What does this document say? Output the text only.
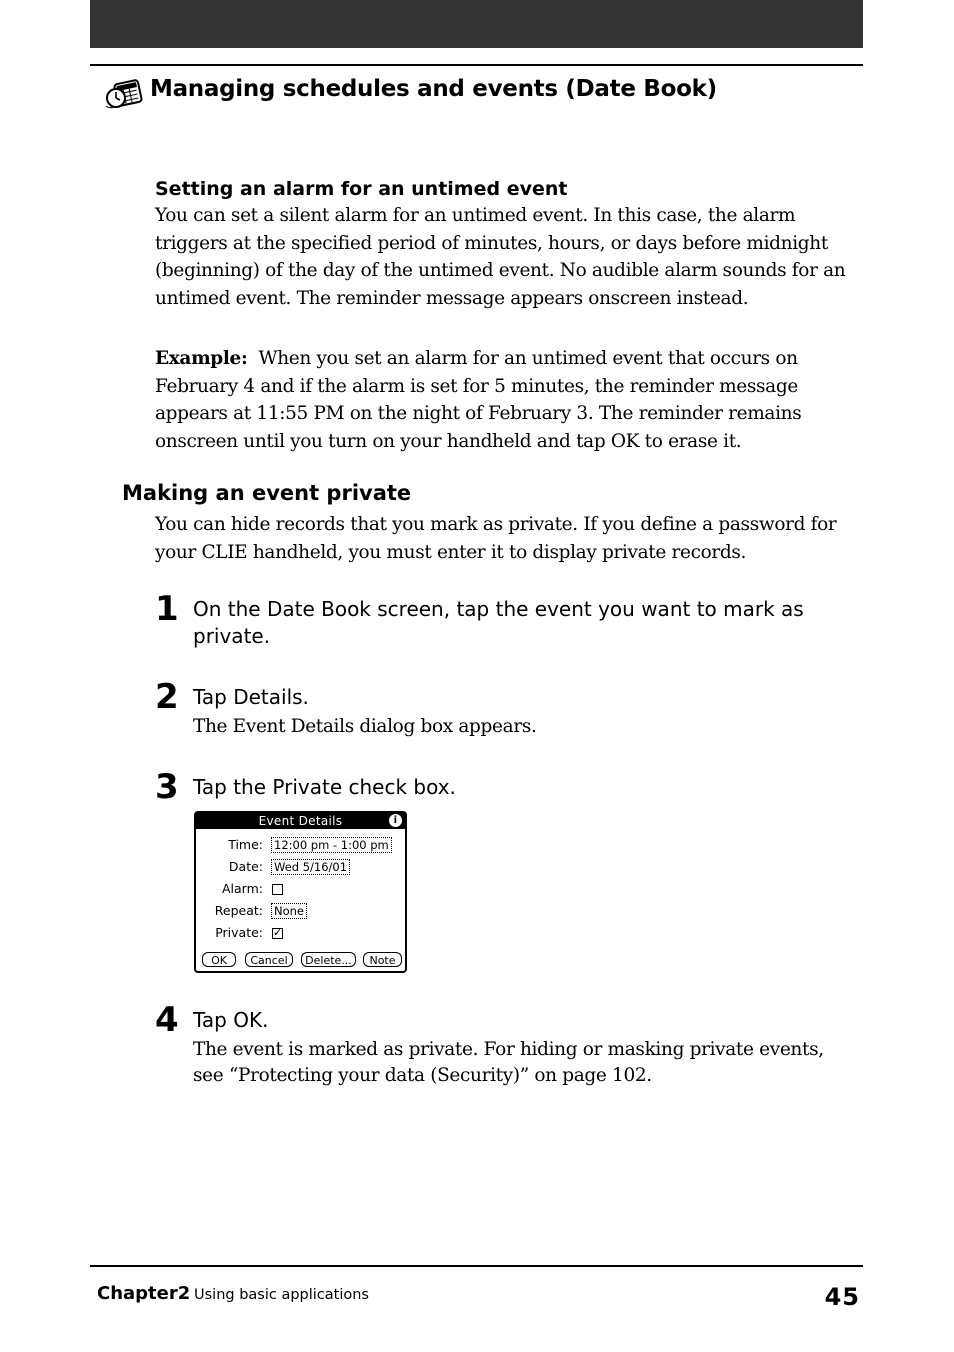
Managing schedules and events (Date Book)
Setting an alarm for an untimed event
You can set a silent alarm for an untimed event. In this case, the alarm triggers at the specified period of minutes, hours, or days before midnight (beginning) of the day of the untimed event. No audible alarm sounds for an untimed event. The reminder message appears onscreen instead.
Example: When you set an alarm for an untimed event that occurs on February 4 and if the alarm is set for 5 minutes, the reminder message appears at 11:55 PM on the night of February 3. The reminder remains onscreen until you turn on your handheld and tap OK to erase it.
Making an event private
You can hide records that you mark as private. If you define a password for your CLIE handheld, you must enter it to display private records.
1 On the Date Book screen, tap the event you want to mark as private.
2 Tap Details.
The Event Details dialog box appears.
3 Tap the Private check box.
Event Details	i
Time: 12:00 pm - 1:00 pm
Date: Wed 5/16/01
Alarm:
Repeat: None
Private: ✓
OK	Cancel	Delete...	Note
4 Tap OK.
The event is marked as private. For hiding or masking private events, see “Protecting your data (Security)” on page 102.
Chapter2 Using basic applications	45
